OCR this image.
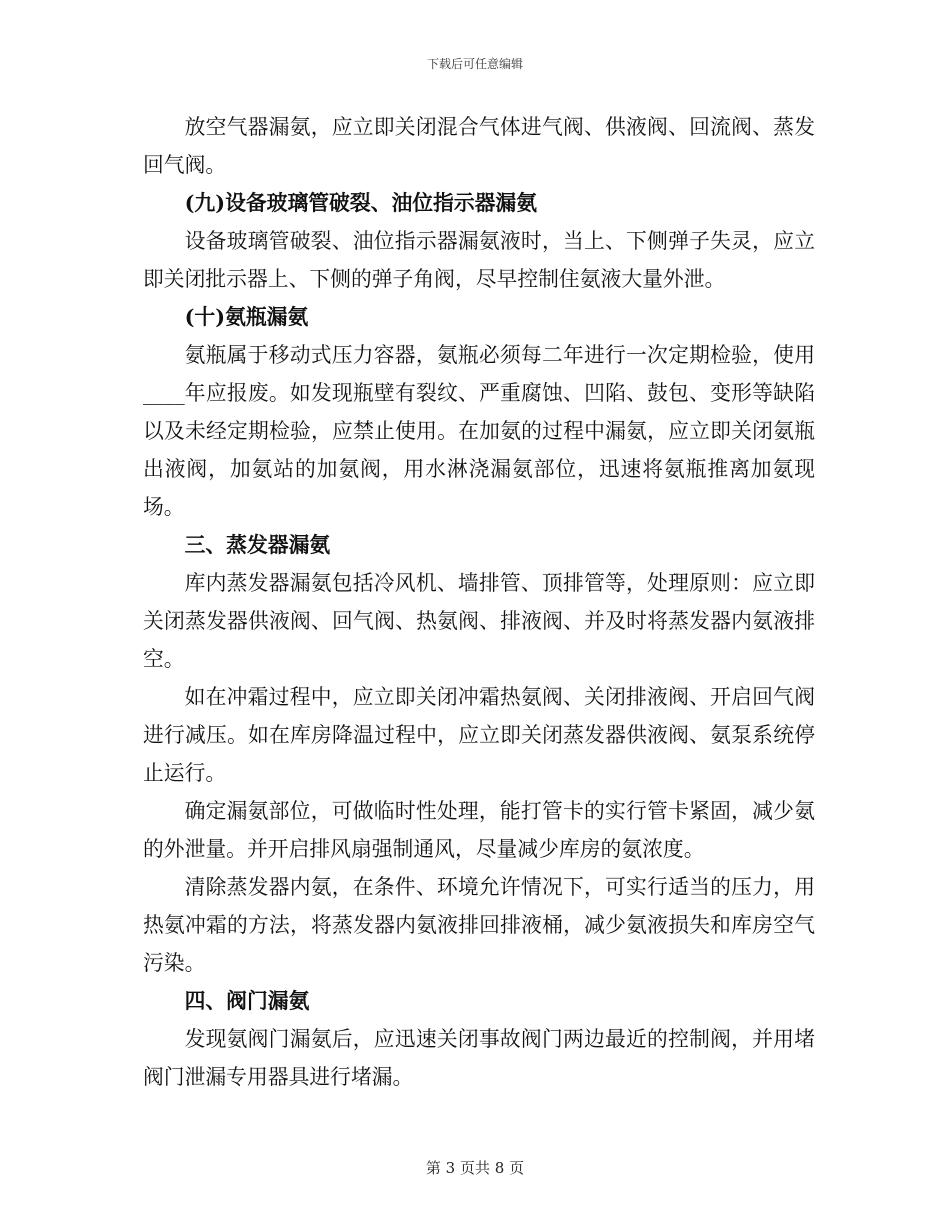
下载后可任意编辑

放空气器漏氨，应立即关闭混合气体进气阀、供液阀、回流阀、蒸发回气阀。

(九)设备玻璃管破裂、油位指示器漏氨

设备玻璃管破裂、油位指示器漏氨液时，当上、下侧弹子失灵，应立即关闭批示器上、下侧的弹子角阀，尽早控制住氨液大量外泄。

(十)氨瓶漏氨

氨瓶属于移动式压力容器，氨瓶必须每二年进行一次定期检验，使用____年应报废。如发现瓶壁有裂纹、严重腐蚀、凹陷、鼓包、变形等缺陷以及未经定期检验，应禁止使用。在加氨的过程中漏氨，应立即关闭氨瓶出液阀，加氨站的加氨阀，用水淋浇漏氨部位，迅速将氨瓶推离加氨现场。

三、蒸发器漏氨

库内蒸发器漏氨包括冷风机、墙排管、顶排管等，处理原则：应立即关闭蒸发器供液阀、回气阀、热氨阀、排液阀、并及时将蒸发器内氨液排空。

如在冲霜过程中，应立即关闭冲霜热氨阀、关闭排液阀、开启回气阀进行减压。如在库房降温过程中，应立即关闭蒸发器供液阀、氨泵系统停止运行。

确定漏氨部位，可做临时性处理，能打管卡的实行管卡紧固，减少氨的外泄量。并开启排风扇强制通风，尽量减少库房的氨浓度。

清除蒸发器内氨，在条件、环境允许情况下，可实行适当的压力，用热氨冲霜的方法，将蒸发器内氨液排回排液桶，减少氨液损失和库房空气污染。

四、阀门漏氨

发现氨阀门漏氨后，应迅速关闭事故阀门两边最近的控制阀，并用堵阀门泄漏专用器具进行堵漏。

第 3 页共 8 页
